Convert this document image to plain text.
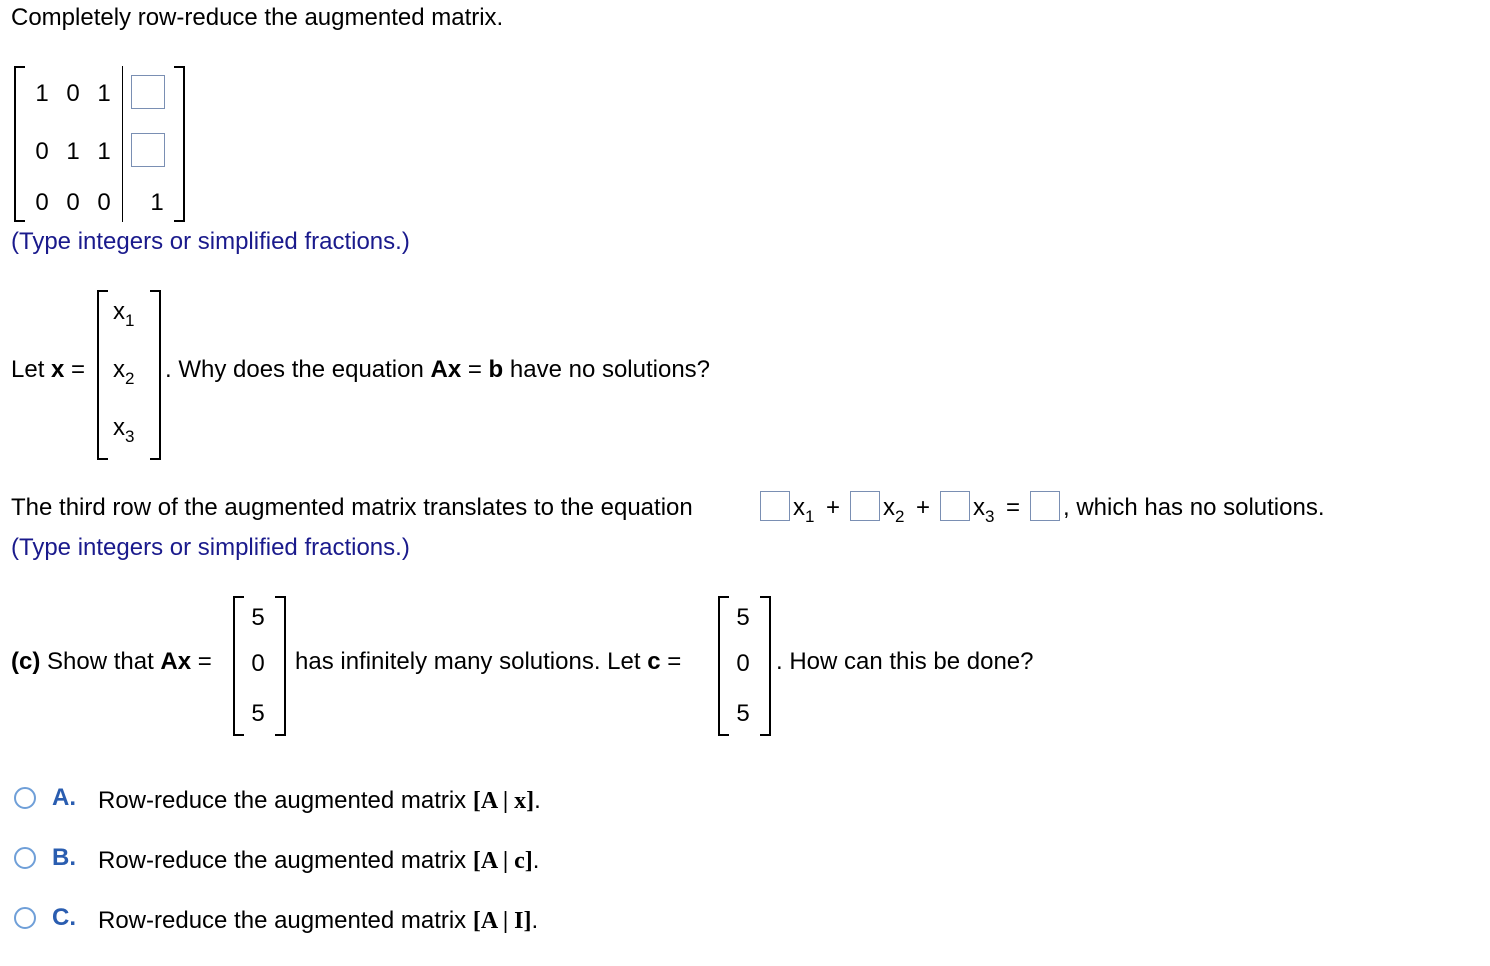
Completely row-reduce the augmented matrix.
1 0 1
0 1 1
0 0 0 1
(Type integers or simplified fractions.)
Let x =
$x_1$
$x_2$
$x_3$
. Why does the equation Ax = b have no solutions?
The third row of the augmented matrix translates to the equation	$x_1 + x_2 + x_3$ = , which has no solutions.
(Type integers or simplified fractions.)
(c) Show that Ax =
5
0
5
has infinitely many solutions. Let c =
5
0
5
. How can this be done?
A. Row-reduce the augmented matrix [A | x].
B. Row-reduce the augmented matrix [A | c].
C. Row-reduce the augmented matrix [A | I].
